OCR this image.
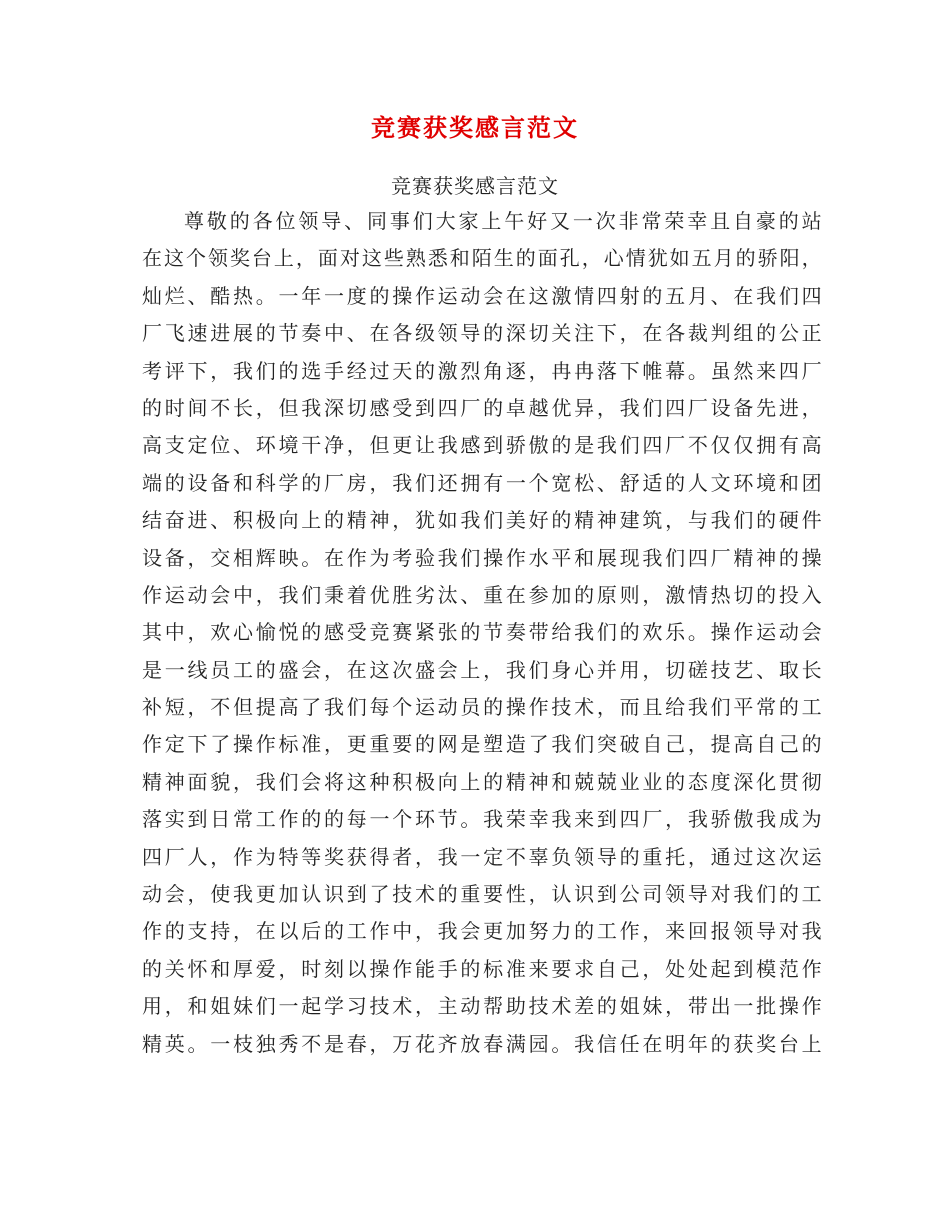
竞赛获奖感言范文
竞赛获奖感言范文
尊敬的各位领导、同事们大家上午好又一次非常荣幸且自豪的站
在这个领奖台上，面对这些熟悉和陌生的面孔，心情犹如五月的骄阳，
灿烂、酷热。一年一度的操作运动会在这激情四射的五月、在我们四
厂飞速进展的节奏中、在各级领导的深切关注下，在各裁判组的公正
考评下，我们的选手经过天的激烈角逐，冉冉落下帷幕。虽然来四厂
的时间不长，但我深切感受到四厂的卓越优异，我们四厂设备先进，
高支定位、环境干净，但更让我感到骄傲的是我们四厂不仅仅拥有高
端的设备和科学的厂房，我们还拥有一个宽松、舒适的人文环境和团
结奋进、积极向上的精神，犹如我们美好的精神建筑，与我们的硬件
设备，交相辉映。在作为考验我们操作水平和展现我们四厂精神的操
作运动会中，我们秉着优胜劣汰、重在参加的原则，激情热切的投入
其中，欢心愉悦的感受竞赛紧张的节奏带给我们的欢乐。操作运动会
是一线员工的盛会，在这次盛会上，我们身心并用，切磋技艺、取长
补短，不但提高了我们每个运动员的操作技术，而且给我们平常的工
作定下了操作标准，更重要的网是塑造了我们突破自己，提高自己的
精神面貌，我们会将这种积极向上的精神和兢兢业业的态度深化贯彻
落实到日常工作的的每一个环节。我荣幸我来到四厂，我骄傲我成为
四厂人，作为特等奖获得者，我一定不辜负领导的重托，通过这次运
动会，使我更加认识到了技术的重要性，认识到公司领导对我们的工
作的支持，在以后的工作中，我会更加努力的工作，来回报领导对我
的关怀和厚爱，时刻以操作能手的标准来要求自己，处处起到模范作
用，和姐妹们一起学习技术，主动帮助技术差的姐妹，带出一批操作
精英。一枝独秀不是春，万花齐放春满园。我信任在明年的获奖台上
